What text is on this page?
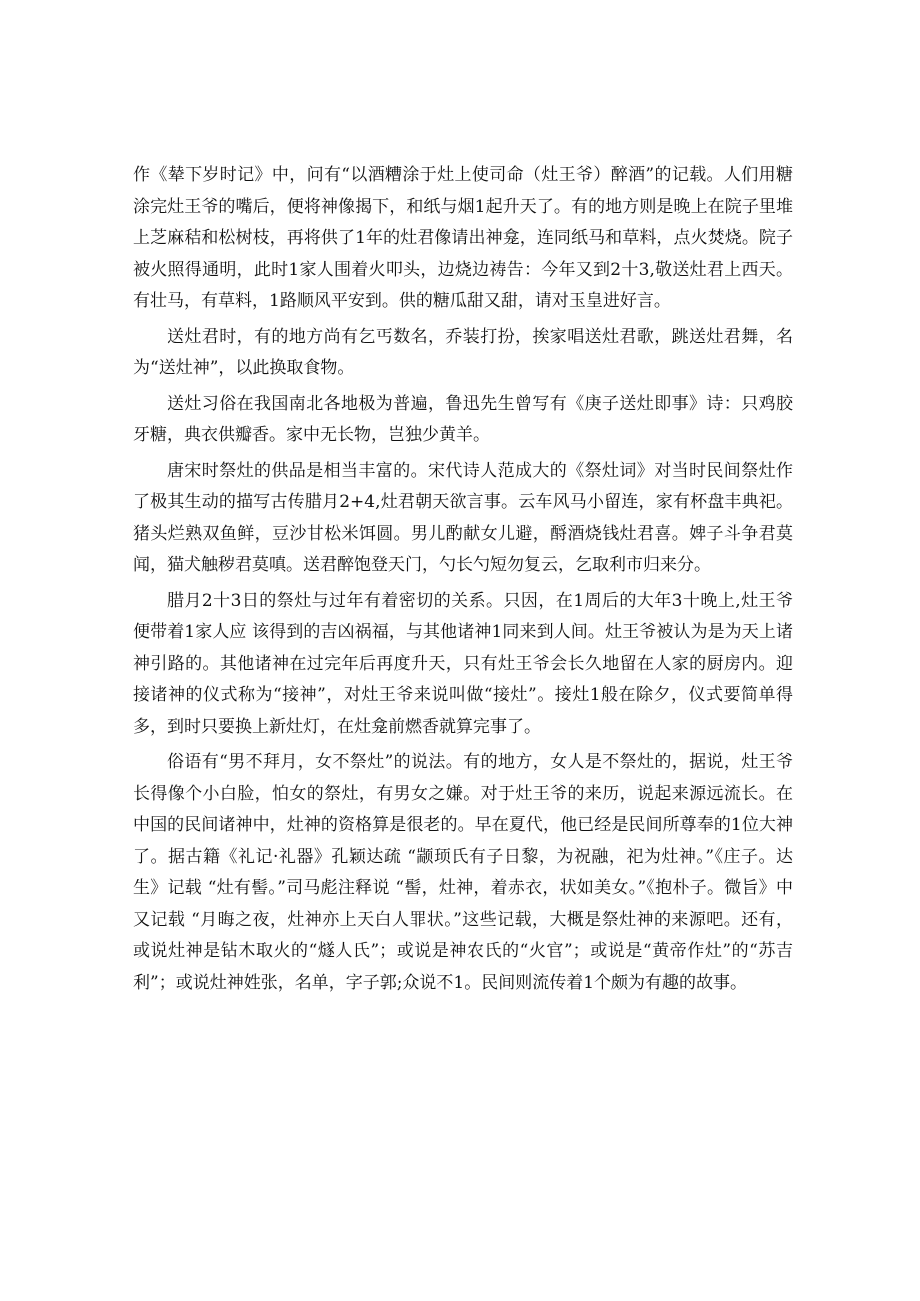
作《辇下岁时记》中，问有“以酒糟涂于灶上使司命（灶王爷）醉酒”的记载。人们用糖涂完灶王爷的嘴后，便将神像揭下，和纸与烟1起升天了。有的地方则是晚上在院子里堆上芝麻秸和松树枝，再将供了1年的灶君像请出神龛，连同纸马和草料，点火焚烧。院子被火照得通明，此时1家人围着火叩头，边烧边祷告：今年又到2十3,敬送灶君上西天。有壮马，有草料，1路顺风平安到。供的糖瓜甜又甜，请对玉皇进好言。

送灶君时，有的地方尚有乞丐数名，乔装打扮，挨家唱送灶君歌，跳送灶君舞，名为“送灶神”，以此换取食物。

送灶习俗在我国南北各地极为普遍，鲁迅先生曾写有《庚子送灶即事》诗：只鸡胶牙糖，典衣供瓣香。家中无长物，岂独少黄羊。

唐宋时祭灶的供品是相当丰富的。宋代诗人范成大的《祭灶词》对当时民间祭灶作了极其生动的描写古传腊月2+4,灶君朝天欲言事。云车风马小留连，家有杯盘丰典祀。猪头烂熟双鱼鲜，豆沙甘松米饵圆。男儿酌献女儿避，酹酒烧钱灶君喜。婢子斗争君莫闻，猫犬触秽君莫嗔。送君醉饱登天门，勺长勺短勿复云，乞取利市归来分。

腊月2十3日的祭灶与过年有着密切的关系。只因，在1周后的大年3十晚上,灶王爷便带着1家人应 该得到的吉凶祸福，与其他诸神1同来到人间。灶王爷被认为是为天上诸神引路的。其他诸神在过完年后再度升天，只有灶王爷会长久地留在人家的厨房内。迎接诸神的仪式称为“接神”，对灶王爷来说叫做“接灶”。接灶1般在除夕，仪式要简单得多，到时只要换上新灶灯，在灶龛前燃香就算完事了。

俗语有“男不拜月，女不祭灶”的说法。有的地方，女人是不祭灶的，据说，灶王爷长得像个小白脸，怕女的祭灶，有男女之嫌。对于灶王爷的来历，说起来源远流长。在中国的民间诸神中，灶神的资格算是很老的。早在夏代，他已经是民间所尊奉的1位大神了。据古籍《礼记·礼器》孔颖达疏 “颛顼氏有子日黎，为祝融，祀为灶神。”《庄子。达生》记载 “灶有髻。”司马彪注释说 “髻，灶神，着赤衣，状如美女。”《抱朴子。微旨》中又记载 “月晦之夜，灶神亦上天白人罪状。”这些记载，大概是祭灶神的来源吧。还有，或说灶神是钻木取火的“燧人氏”；或说是神农氏的“火官”；或说是“黄帝作灶”的“苏吉利”；或说灶神姓张，名单，字子郭;众说不1。民间则流传着1个颇为有趣的故事。
